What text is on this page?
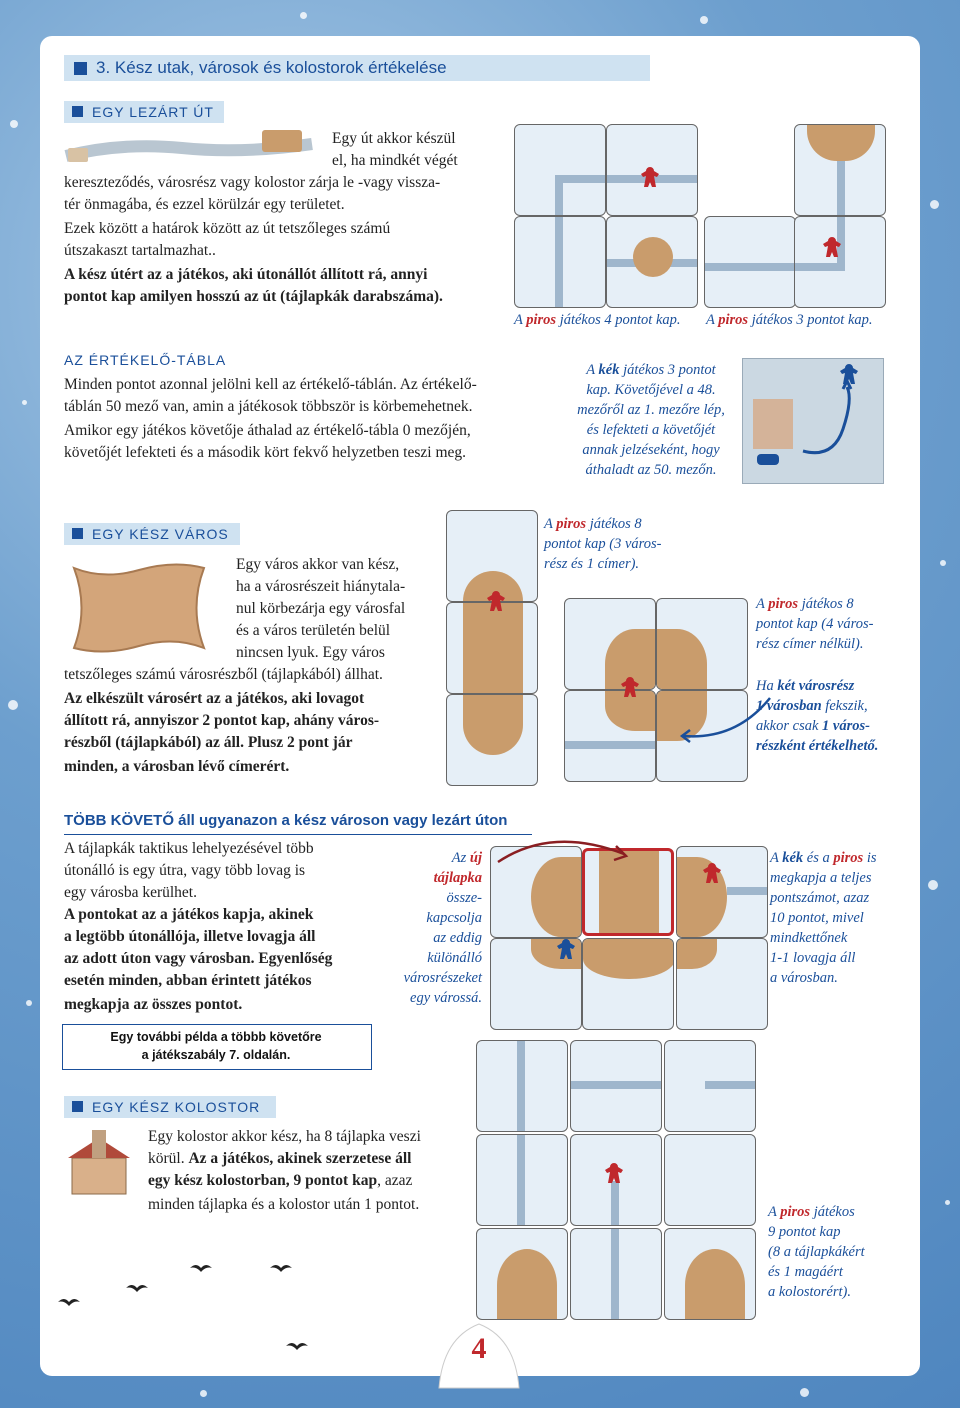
3. Kész utak, városok és kolostorok értékelése
EGY LEZÁRT ÚT

Egy út akkor készül

el, ha mindkét végét

kereszteződés, városrész vagy kolostor zárja le -vagy vissza-

tér önmagába, és ezzel körülzár egy területet.

Ezek között a határok között az út tetszőleges számú

útszakaszt tartalmazhat..

A kész útért az a játékos, aki útonállót állított rá, annyi

pontot kap amilyen hosszú az út (tájlapkák darabszáma).

A piros játékos 4 pontot kap. A piros játékos 3 pontot kap.

AZ ÉRTÉKELŐ-TÁBLA

Minden pontot azonnal jelölni kell az értékelő-táblán. Az értékelő-

táblán 50 mező van, amin a játékosok többször is körbemehetnek.

Amikor egy játékos követője áthalad az értékelő-tábla 0 mezőjén,

követőjét lefekteti és a második kört fekvő helyzetben teszi meg.

A kék játékos 3 pontot
kap. Követőjével a 48.
mezőről az 1. mezőre lép,
és lefekteti a követőjét
annak jelzéseként, hogy
áthaladt az 50. mezőn.
EGY KÉSZ VÁROS

Egy város akkor van kész,

ha a városrészeit hiánytala-

nul körbezárja egy városfal

és a város területén belül

nincsen lyuk. Egy város

tetszőleges számú városrészből (tájlapkából) állhat.

Az elkészült városért az a játékos, aki lovagot

állított rá, annyiszor 2 pontot kap, ahány város-

részből (tájlapkából) az áll. Plusz 2 pont jár

minden, a városban lévő címerért.

A piros játékos 8
pontot kap (3 város-
rész és 1 címer).
A piros játékos 8
pontot kap (4 város-
rész címer nélkül).
Ha két városrész
1 városban fekszik,
akkor csak 1 város-
részként értékelhető.
TÖBB KÖVETŐ áll ugyanazon a kész városon vagy lezárt úton

A tájlapkák taktikus lehelyezésével több

útonálló is egy útra, vagy több lovag is

egy városba kerülhet.

A pontokat az a játékos kapja, akinek

a legtöbb útonállója, illetve lovagja áll

az adott úton vagy városban. Egyenlőség

esetén minden, abban érintett játékos

megkapja az összes pontot.

Az új
tájlapka
össze-
kapcsolja
az eddig
különálló
városrészeket
egy várossá.
A kék és a piros is
megkapja a teljes
pontszámot, azaz
10 pontot, mivel
mindkettőnek
1-1 lovagja áll
a városban.
Egy további példa a többb követőre
a játékszabály 7. oldalán.
EGY KÉSZ KOLOSTOR

Egy kolostor akkor kész, ha 8 tájlapka veszi

körül. Az a játékos, akinek szerzetese áll

egy kész kolostorban, 9 pontot kap, azaz

minden tájlapka és a kolostor után 1 pontot.	A piros játékos
9 pontot kap
(8 a tájlapkákért
és 1 magáért
a kolostorért).
4
